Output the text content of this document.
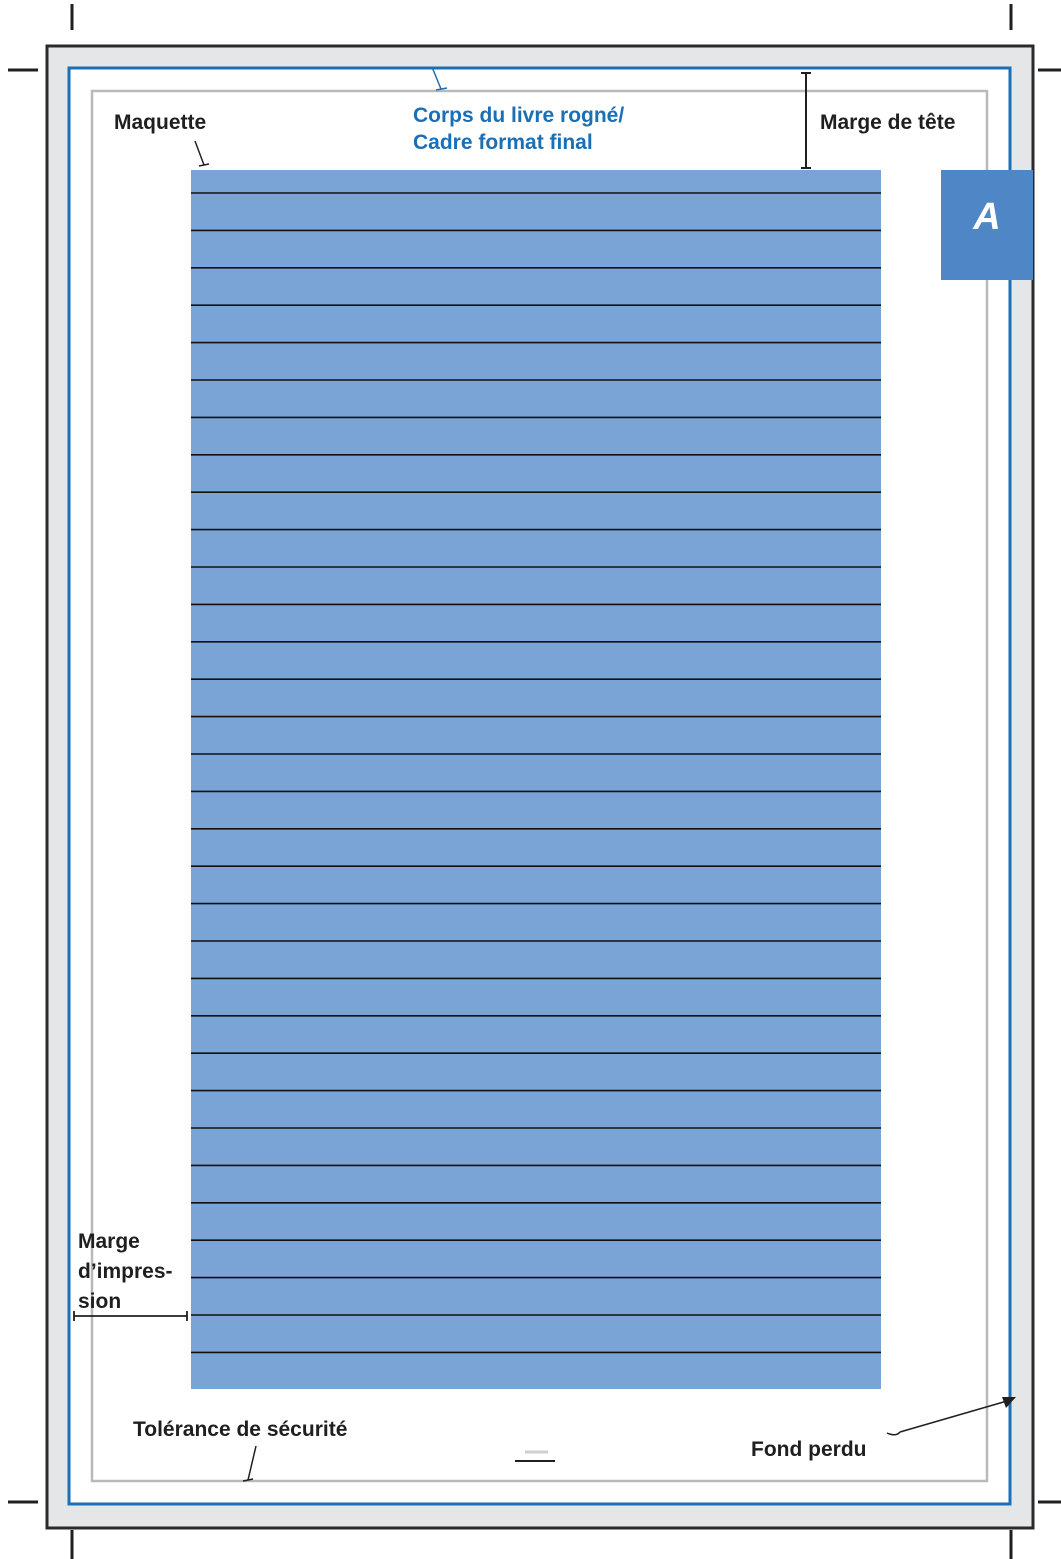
Maquette	Corps du livre rogné/
Cadre format final
Marge de tête
Marge
d’impres-
sion
Tolérance de sécurité
Fond perdu
A
